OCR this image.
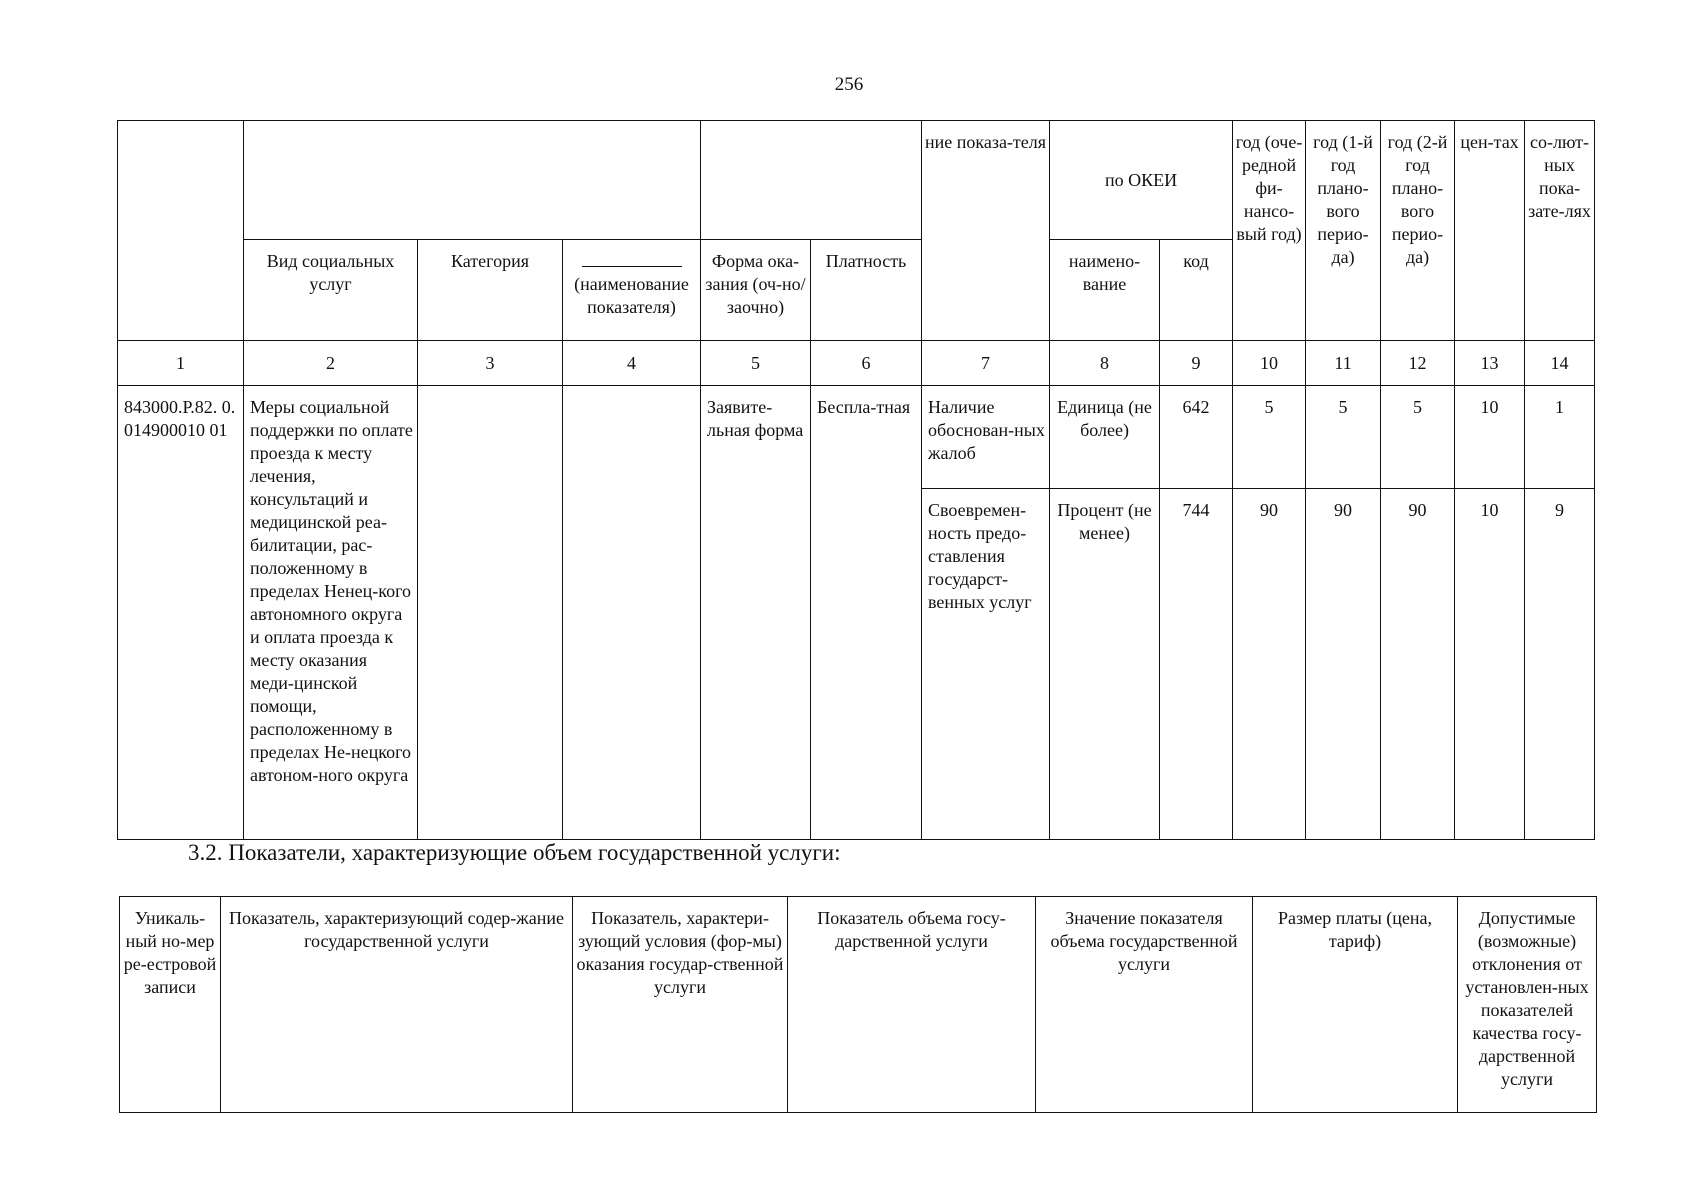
256
						ние показа-теля	по ОКЕИ		год (оче-редной фи-нансо-вый год)	год (1-й год плано-вого перио-да)	год (2-й год плано-вого перио-да)	цен-тах	со-лют-ных пока-зате-лях
	Вид социальных услуг	Категория	(наименование показателя)	Форма ока-зания (оч-но/заочно)	Платность		наимено-вание	код					

1	2	3	4	5	6	7	8	9	10	11	12	13	14
843000.Р.82. 0.014900010 01	Меры социальной поддержки по оплате проезда к месту лечения, консультаций и медицинской реа-билитации, рас-положенному в пределах Ненец-кого автономного округа и оплата проезда к месту оказания меди-цинской помощи, расположенному в пределах Не-нецкого автоном-ного округа			Заявите-льная форма	Бесплa-тная	Наличие обоснован-ных жалоб	Единица (не более)	642	5	5	5	10	1
						Своевремен-ность предо-ставления государст-венных услуг	Процент (не менее)	744	90	90	90	10	9
3.2. Показатели, характеризующие объем государственной услуги:
Уникаль-ный но-мер ре-естровой записи	Показатель, характеризующий содер-жание государственной услуги	Показатель, характери-зующий условия (фор-мы) оказания государ-ственной услуги	Показатель объема госу-дарственной услуги	Значение показателя объема государственной услуги	Размер платы (цена, тариф)	Допустимые (возможные) отклонения от установлен-ных показателей качества госу-дарственной услуги
